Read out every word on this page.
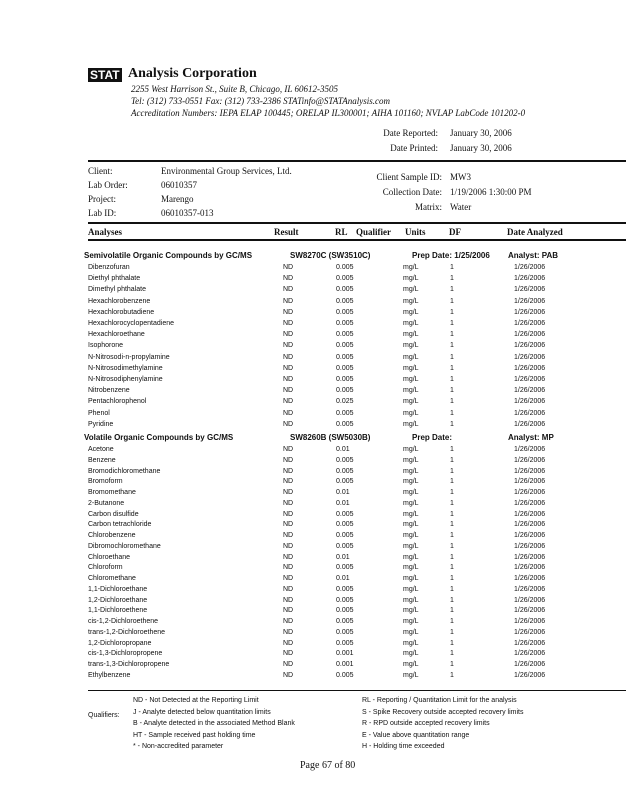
STAT Analysis Corporation
2255 West Harrison St., Suite B, Chicago, IL 60612-3505
Tel: (312) 733-0551 Fax: (312) 733-2386 STATinfo@STATAnalysis.com
Accreditation Numbers: IEPA ELAP 100445; ORELAP IL300001; AIHA 101160; NVLAP LabCode 101202-0
Date Reported: January 30, 2006
Date Printed: January 30, 2006
Client:	Environmental Group Services, Ltd.
Lab Order:	06010357
Project:	Marengo
Lab ID:	06010357-013
Client Sample ID: MW3
Collection Date: 1/19/2006 1:30:00 PM
Matrix: Water
Analyses	Result	RL Qualifier Units	DF	Date Analyzed
Semivolatile Organic Compounds by GC/MS	SW8270C (SW3510C)	Prep Date: 1/25/2006 Analyst: PAB
Dibenzofuran	ND	0.005	mg/L	1	1/26/2006
Diethyl phthalate	ND	0.005	mg/L	1	1/26/2006
Dimethyl phthalate	ND	0.005	mg/L	1	1/26/2006
Hexachlorobenzene	ND	0.005	mg/L	1	1/26/2006
Hexachlorobutadiene	ND	0.005	mg/L	1	1/26/2006
Hexachlorocyclopentadiene	ND	0.005	mg/L	1	1/26/2006
Hexachloroethane	ND	0.005	mg/L	1	1/26/2006
Isophorone	ND	0.005	mg/L	1	1/26/2006
N-Nitrosodi-n-propylamine	ND	0.005	mg/L	1	1/26/2006
N-Nitrosodimethylamine	ND	0.005	mg/L	1	1/26/2006
N-Nitrosodiphenylamine	ND	0.005	mg/L	1	1/26/2006
Nitrobenzene	ND	0.005	mg/L	1	1/26/2006
Pentachlorophenol	ND	0.025	mg/L	1	1/26/2006
Phenol	ND	0.005	mg/L	1	1/26/2006
Pyridine	ND	0.005	mg/L	1	1/26/2006
Volatile Organic Compounds by GC/MS	SW8260B (SW5030B)	Prep Date:	Analyst: MP
Acetone	ND	0.01	mg/L	1	1/26/2006
Benzene	ND	0.005	mg/L	1	1/26/2006
Bromodichloromethane	ND	0.005	mg/L	1	1/26/2006
Bromoform	ND	0.005	mg/L	1	1/26/2006
Bromomethane	ND	0.01	mg/L	1	1/26/2006
2-Butanone	ND	0.01	mg/L	1	1/26/2006
Carbon disulfide	ND	0.005	mg/L	1	1/26/2006
Carbon tetrachloride	ND	0.005	mg/L	1	1/26/2006
Chlorobenzene	ND	0.005	mg/L	1	1/26/2006
Dibromochloromethane	ND	0.005	mg/L	1	1/26/2006
Chloroethane	ND	0.01	mg/L	1	1/26/2006
Chloroform	ND	0.005	mg/L	1	1/26/2006
Chloromethane	ND	0.01	mg/L	1	1/26/2006
1,1-Dichloroethane	ND	0.005	mg/L	1	1/26/2006
1,2-Dichloroethane	ND	0.005	mg/L	1	1/26/2006
1,1-Dichloroethene	ND	0.005	mg/L	1	1/26/2006
cis-1,2-Dichloroethene	ND	0.005	mg/L	1	1/26/2006
trans-1,2-Dichloroethene	ND	0.005	mg/L	1	1/26/2006
1,2-Dichloropropane	ND	0.005	mg/L	1	1/26/2006
cis-1,3-Dichloropropene	ND	0.001	mg/L	1	1/26/2006
trans-1,3-Dichloropropene	ND	0.001	mg/L	1	1/26/2006
Ethylbenzene	ND	0.005	mg/L	1	1/26/2006
Qualifiers:
ND - Not Detected at the Reporting Limit
J - Analyte detected below quantitation limits
B - Analyte detected in the associated Method Blank
HT - Sample received past holding time
* - Non-accredited parameter
RL - Reporting / Quantitation Limit for the analysis
S - Spike Recovery outside accepted recovery limits
R - RPD outside accepted recovery limits
E - Value above quantitation range
H - Holding time exceeded
Page 67 of 80
